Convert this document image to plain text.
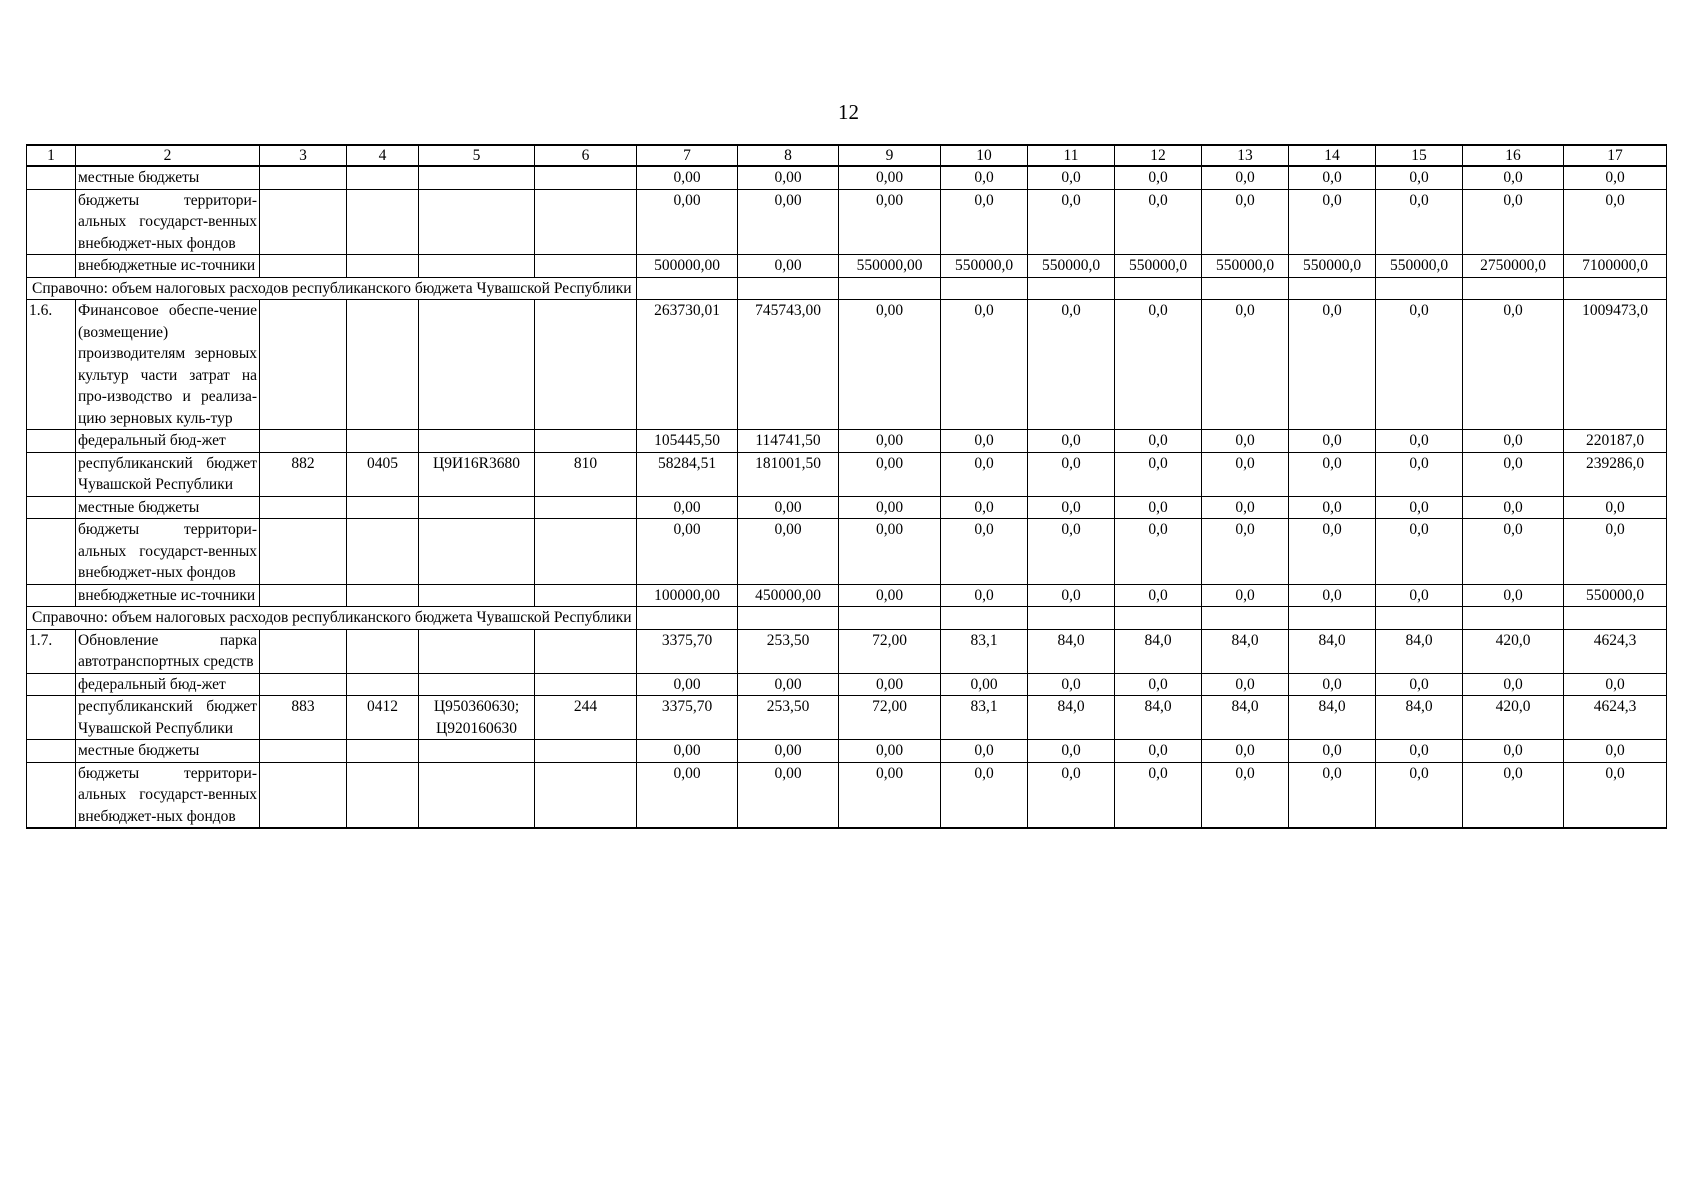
12
1	2	3	4	5	6	7	8	9	10	11	12	13	14	15	16	17
	местные бюджеты					0,00	0,00	0,00	0,0	0,0	0,0	0,0	0,0	0,0	0,0	0,0
	бюджеты территори-альных государст-венных внебюджет-ных фондов					0,00	0,00	0,00	0,0	0,0	0,0	0,0	0,0	0,0	0,0	0,0
	внебюджетные ис-точники					500000,00	0,00	550000,00	550000,0	550000,0	550000,0	550000,0	550000,0	550000,0	2750000,0	7100000,0
Справочно: объем налоговых расходов республиканского бюджета Чувашской Республики																
1.6.	Финансовое обеспе-чение (возмещение) производителям зерновых культур части затрат на про-изводство и реализа-цию зерновых куль-тур					263730,01	745743,00	0,00	0,0	0,0	0,0	0,0	0,0	0,0	0,0	1009473,0
	федеральный бюд-жет					105445,50	114741,50	0,00	0,0	0,0	0,0	0,0	0,0	0,0	0,0	220187,0
	республиканский бюджет Чувашской Республики	882	0405	Ц9И16R3680	810	58284,51	181001,50	0,00	0,0	0,0	0,0	0,0	0,0	0,0	0,0	239286,0
	местные бюджеты					0,00	0,00	0,00	0,0	0,0	0,0	0,0	0,0	0,0	0,0	0,0
	бюджеты территори-альных государст-венных внебюджет-ных фондов					0,00	0,00	0,00	0,0	0,0	0,0	0,0	0,0	0,0	0,0	0,0
	внебюджетные ис-точники					100000,00	450000,00	0,00	0,0	0,0	0,0	0,0	0,0	0,0	0,0	550000,0
Справочно: объем налоговых расходов республиканского бюджета Чувашской Республики																
1.7.	Обновление парка автотранспортных средств					3375,70	253,50	72,00	83,1	84,0	84,0	84,0	84,0	84,0	420,0	4624,3
	федеральный бюд-жет					0,00	0,00	0,00	0,00	0,0	0,0	0,0	0,0	0,0	0,0	0,0
	республиканский бюджет Чувашской Республики	883	0412	Ц950360630; Ц920160630	244	3375,70	253,50	72,00	83,1	84,0	84,0	84,0	84,0	84,0	420,0	4624,3
	местные бюджеты					0,00	0,00	0,00	0,0	0,0	0,0	0,0	0,0	0,0	0,0	0,0
	бюджеты территори-альных государст-венных внебюджет-ных фондов					0,00	0,00	0,00	0,0	0,0	0,0	0,0	0,0	0,0	0,0	0,0
